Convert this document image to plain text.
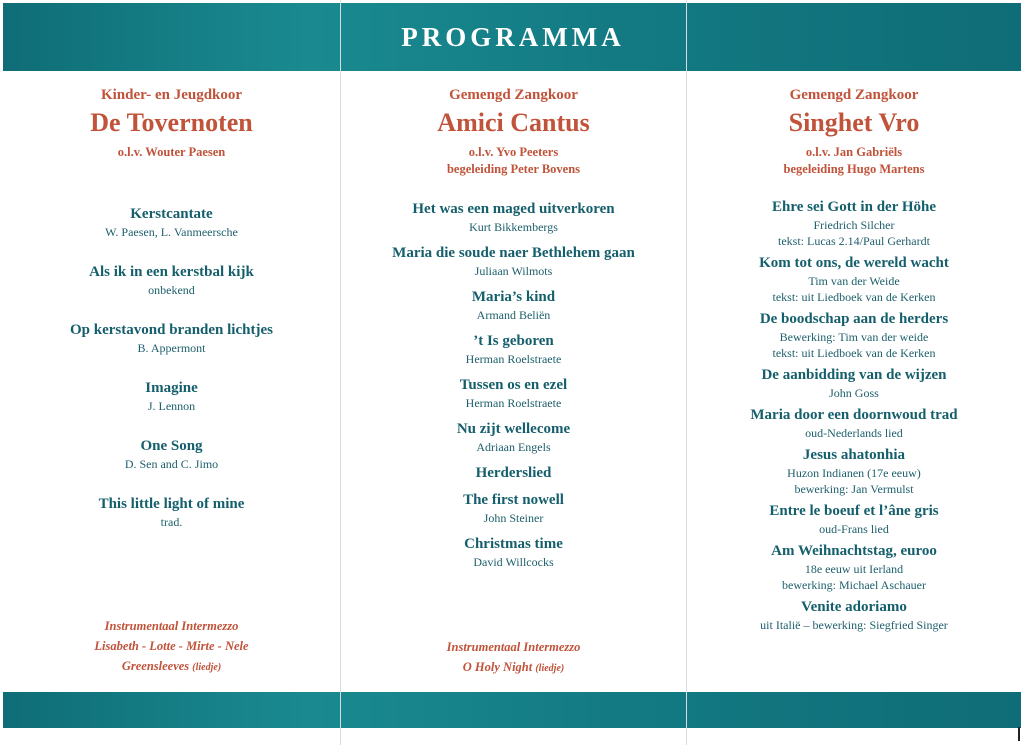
PROGRAMMA
Kinder- en Jeugdkoor
De Tovernoten
o.l.v. Wouter Paesen
Kerstcantate
W. Paesen, L. Vanmeersche
Als ik in een kerstbal kijk
onbekend
Op kerstavond branden lichtjes
B. Appermont
Imagine
J. Lennon
One Song
D. Sen and C. Jimo
This little light of mine
trad.
Instrumentaal Intermezzo
Lisabeth - Lotte - Mirte - Nele
Greensleeves (liedje)
Gemengd Zangkoor
Amici Cantus
o.l.v. Yvo Peeters
begeleiding Peter Bovens
Het was een maged uitverkoren
Kurt Bikkembergs
Maria die soude naer Bethlehem gaan
Juliaan Wilmots
Maria’s kind
Armand Beliën
’t Is geboren
Herman Roelstraete
Tussen os en ezel
Herman Roelstraete
Nu zijt wellecome
Adriaan Engels
Herderslied
The first nowell
John Steiner
Christmas time
David Willcocks
Instrumentaal Intermezzo
O Holy Night (liedje)
Gemengd Zangkoor
Singhet Vro
o.l.v. Jan Gabriëls
begeleiding Hugo Martens
Ehre sei Gott in der Höhe
Friedrich Silcher
tekst: Lucas 2.14/Paul Gerhardt
Kom tot ons, de wereld wacht
Tim van der Weide
tekst: uit Liedboek van de Kerken
De boodschap aan de herders
Bewerking: Tim van der weide
tekst: uit Liedboek van de Kerken
De aanbidding van de wijzen
John Goss
Maria door een doornwoud trad
oud-Nederlands lied
Jesus ahatonhia
Huzon Indianen (17e eeuw)
bewerking: Jan Vermulst
Entre le boeuf et l’âne gris
oud-Frans lied
Am Weihnachtstag, euroo
18e eeuw uit Ierland
bewerking: Michael Aschauer
Venite adoriamo
uit Italië – bewerking: Siegfried Singer
